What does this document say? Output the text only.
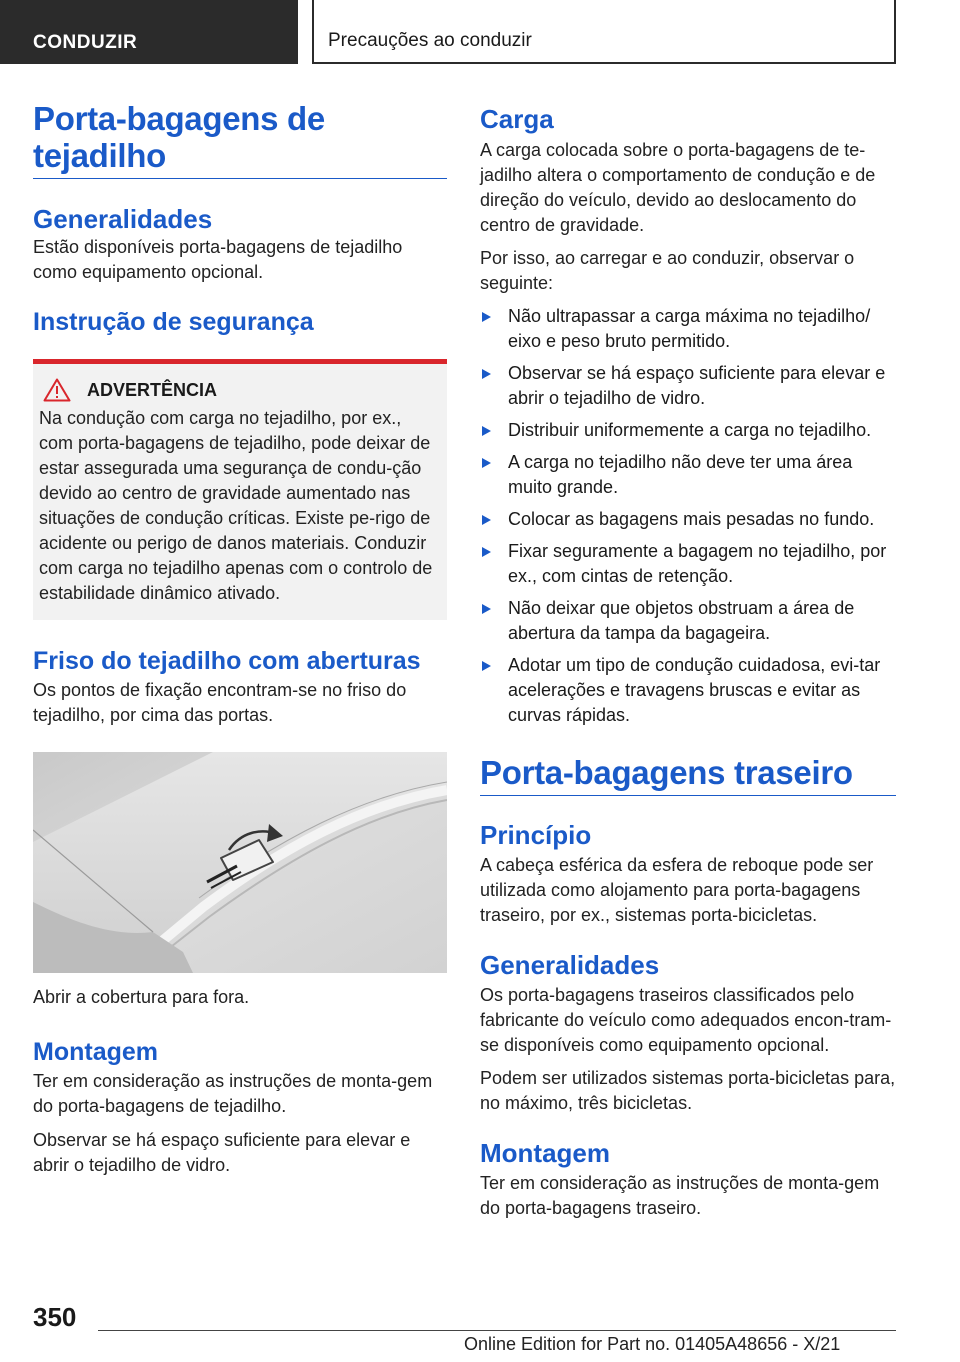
CONDUZIR	Precauções ao conduzir
Porta-bagagens de tejadilho
Generalidades
Estão disponíveis porta-bagagens de tejadilho como equipamento opcional.
Instrução de segurança
ADVERTÊNCIA
Na condução com carga no tejadilho, por ex., com porta-bagagens de tejadilho, pode deixar de estar assegurada uma segurança de condu-ção devido ao centro de gravidade aumentado nas situações de condução críticas. Existe pe-rigo de acidente ou perigo de danos materiais. Conduzir com carga no tejadilho apenas com o controlo de estabilidade dinâmico ativado.
Friso do tejadilho com aberturas
Os pontos de fixação encontram-se no friso do tejadilho, por cima das portas.
Abrir a cobertura para fora.
Montagem
Ter em consideração as instruções de monta-gem do porta-bagagens de tejadilho.
Observar se há espaço suficiente para elevar e abrir o tejadilho de vidro.
Carga
A carga colocada sobre o porta-bagagens de te-jadilho altera o comportamento de condução e de direção do veículo, devido ao deslocamento do centro de gravidade.
Por isso, ao carregar e ao conduzir, observar o seguinte:
Não ultrapassar a carga máxima no tejadilho/ eixo e peso bruto permitido.
Observar se há espaço suficiente para elevar e abrir o tejadilho de vidro.
Distribuir uniformemente a carga no tejadilho.
A carga no tejadilho não deve ter uma área muito grande.
Colocar as bagagens mais pesadas no fundo.
Fixar seguramente a bagagem no tejadilho, por ex., com cintas de retenção.
Não deixar que objetos obstruam a área de abertura da tampa da bagageira.
Adotar um tipo de condução cuidadosa, evi-tar acelerações e travagens bruscas e evitar as curvas rápidas.
Porta-bagagens traseiro
Princípio
A cabeça esférica da esfera de reboque pode ser utilizada como alojamento para porta-bagagens traseiro, por ex., sistemas porta-bicicletas.
Generalidades
Os porta-bagagens traseiros classificados pelo fabricante do veículo como adequados encon-tram-se disponíveis como equipamento opcional.
Podem ser utilizados sistemas porta-bicicletas para, no máximo, três bicicletas.
Montagem
Ter em consideração as instruções de monta-gem do porta-bagagens traseiro.
350
Online Edition for Part no. 01405A48656 - X/21
